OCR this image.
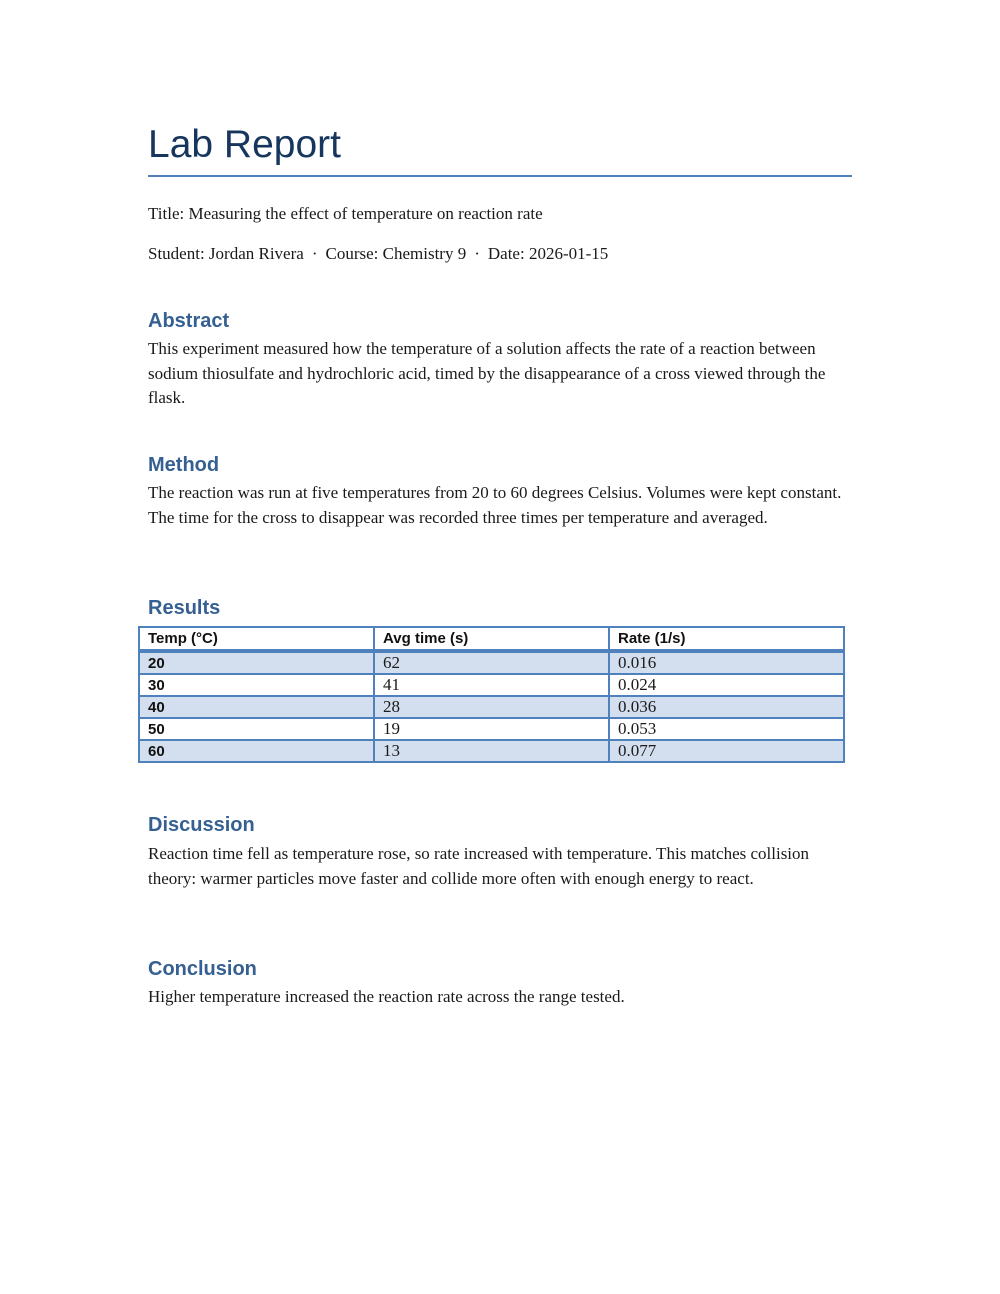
Lab Report
Title: Measuring the effect of temperature on reaction rate
Student: Jordan Rivera · Course: Chemistry 9 · Date: 2026-01-15
Abstract

This experiment measured how the temperature of a solution affects the rate of a reaction between sodium thiosulfate and hydrochloric acid, timed by the disappearance of a cross viewed through the flask.

Method

The reaction was run at five temperatures from 20 to 60 degrees Celsius. Volumes were kept constant. The time for the cross to disappear was recorded three times per temperature and averaged.

Results
Temp (°C)	Avg time (s)	Rate (1/s)
20	62	0.016
30	41	0.024
40	28	0.036
50	19	0.053
60	13	0.077
Discussion

Reaction time fell as temperature rose, so rate increased with temperature. This matches collision theory: warmer particles move faster and collide more often with enough energy to react.

Conclusion

Higher temperature increased the reaction rate across the range tested.
